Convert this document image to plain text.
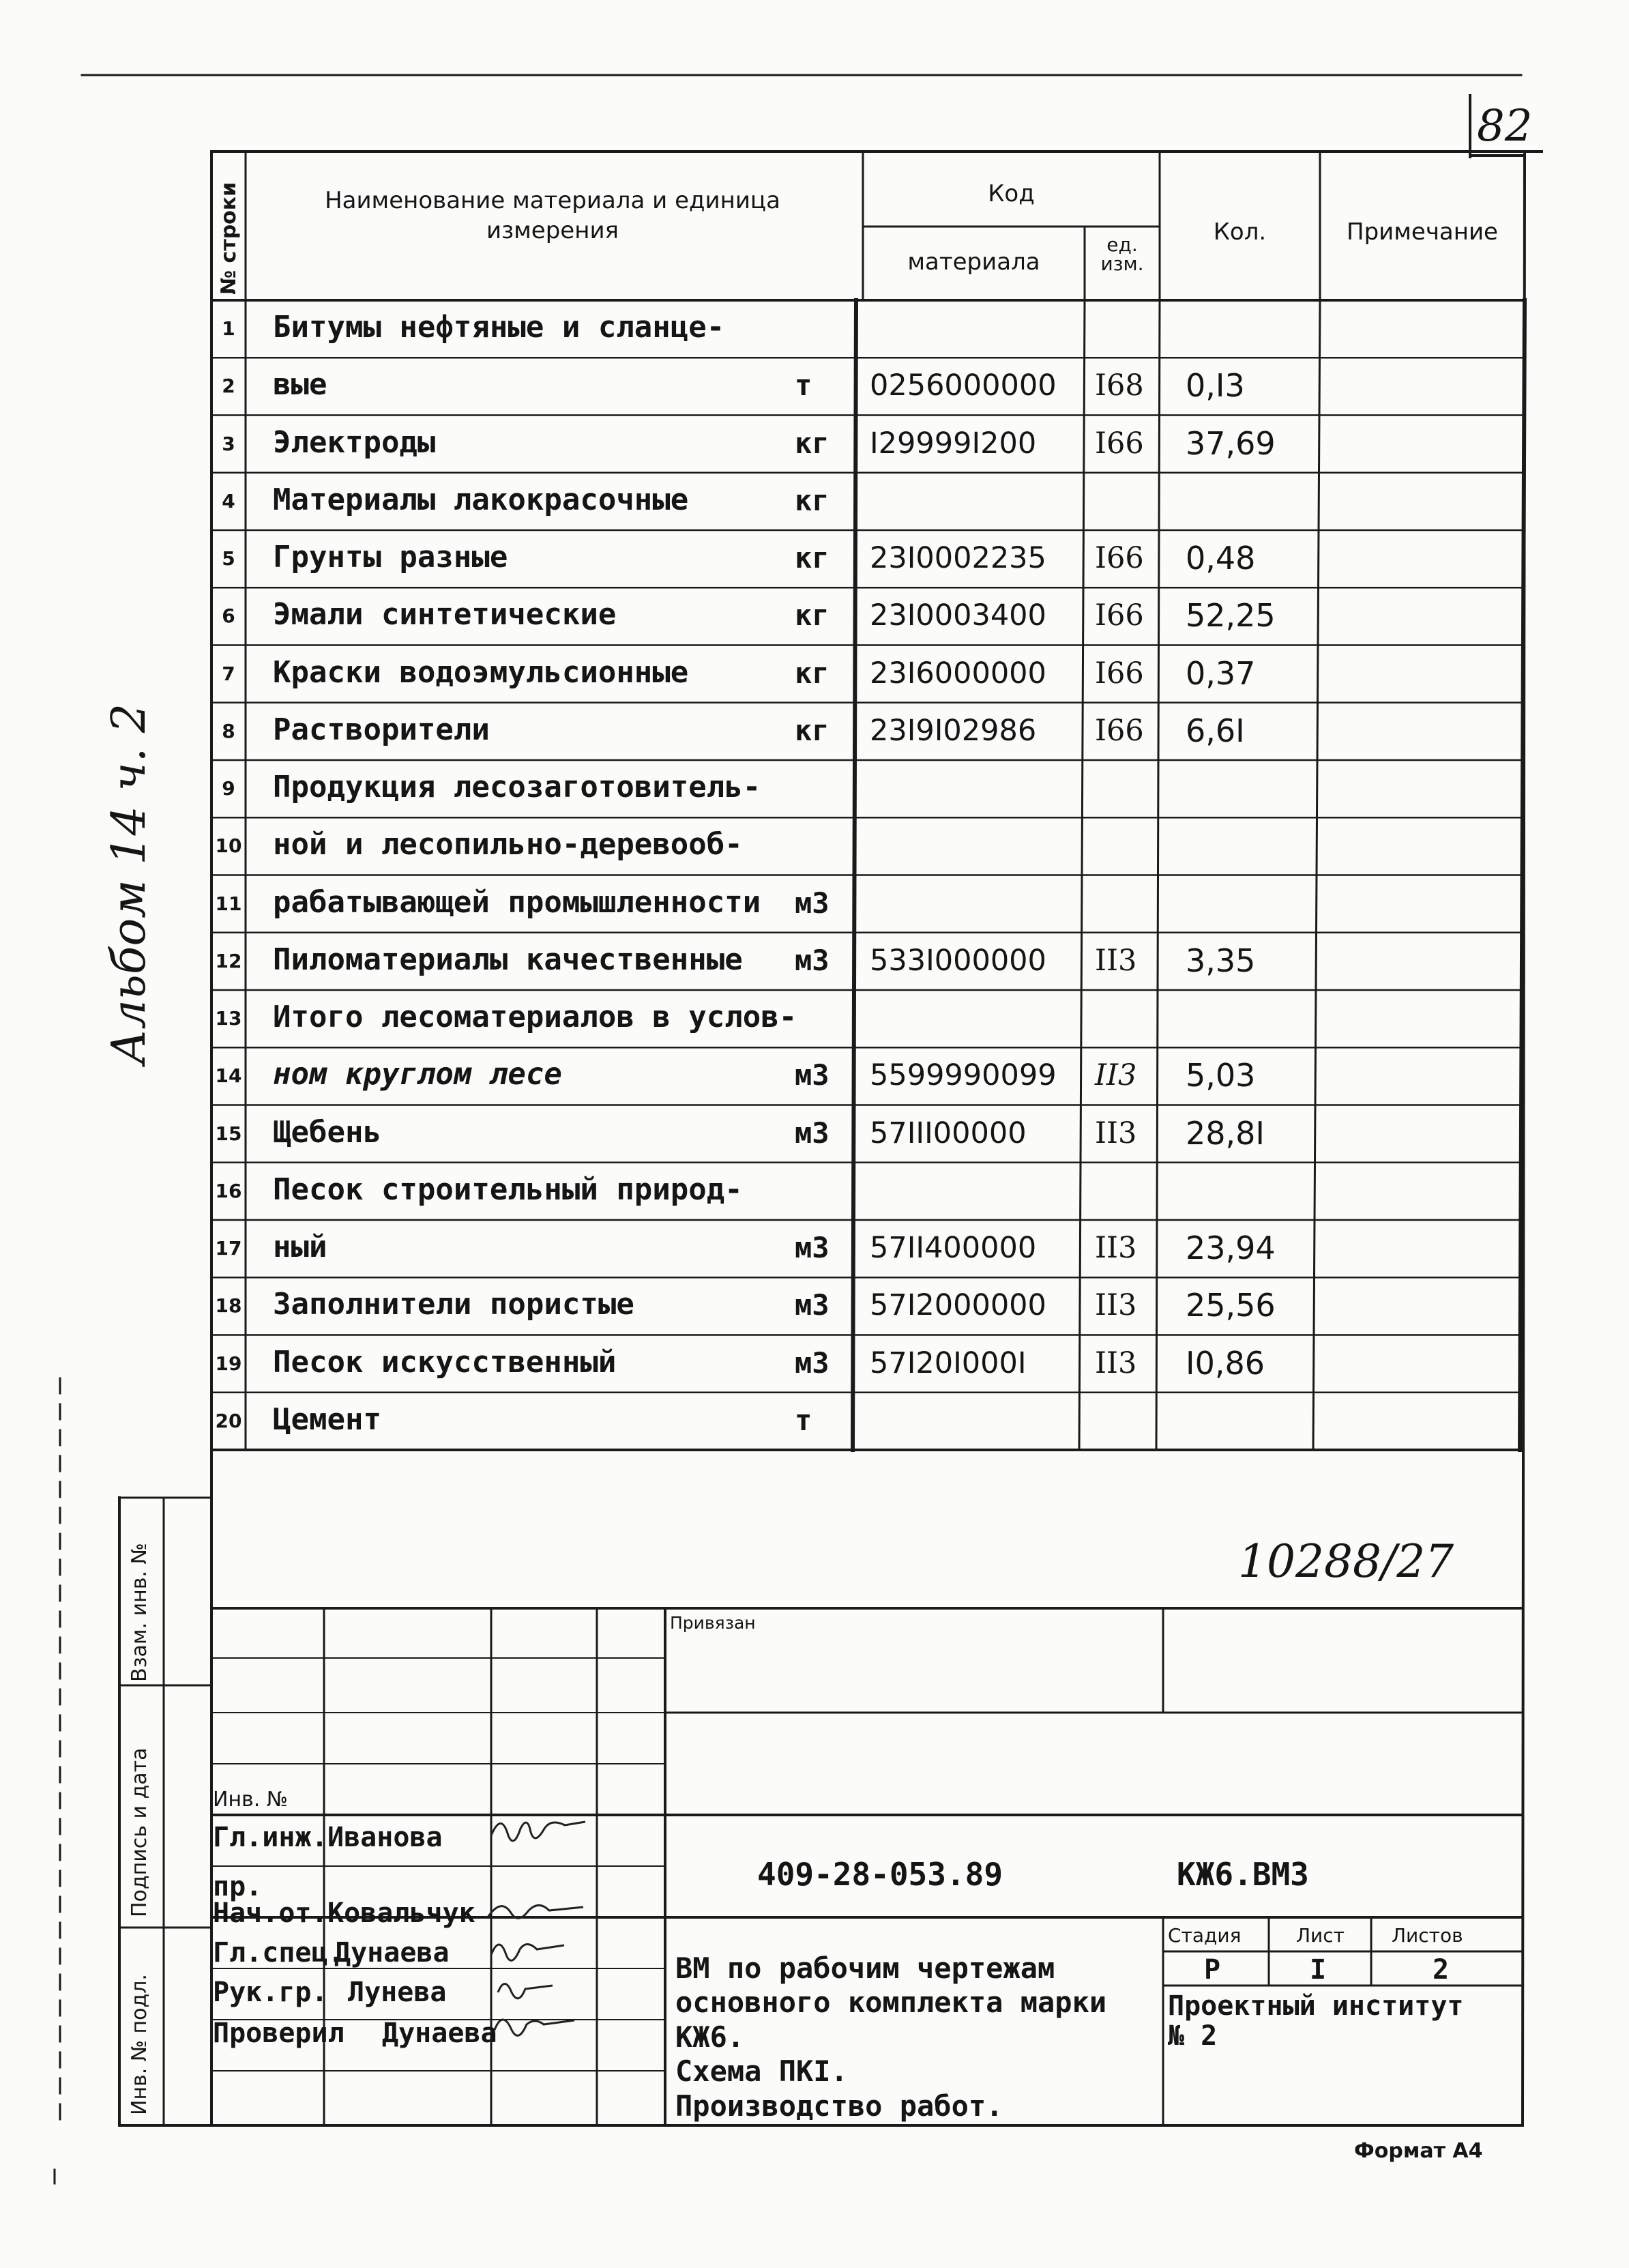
82
Альбом 14 ч. 2
№ строки	Наименование материала и единица измерения
Код
материала
ед. изм.
Кол.	Примечание
1	Битумы нефтяные и сланце-
2	вые	т 0256000000 I68 0,I3
3	Электроды	кг I29999I200 I66 37,69
4	Материалы лакокрасочные	кг
5	Грунты разные	кг 23I0002235 I66 0,48
6	Эмали синтетические	кг 23I0003400 I66 52,25
7	Краски водоэмульсионные	кг 23I6000000 I66 0,37
8	Растворители	кг 23I9I02986 I66 6,6I
9	Продукция лесозаготовитель-
10 ной и лесопильно-деревооб-
11 рабатывающей промышленности м3
12 Пиломатериалы качественные м3 533I000000 II3 3,35
13 Итого лесоматериалов в услов-
14 ном круглом лесе	м3 5599990099 II3 5,03
15 Щебень	м3 57III00000 II3 28,8I
16 Песок строительный природ-
17 ный	м3 57II400000 II3 23,94
18 Заполнители пористые	м3 57I2000000 II3 25,56
19 Песок искусственный	м3 57I20I000I II3 I0,86
20 Цемент	т
10288/27
Взам. инв. №
Подпись и дата
Инв. № подл.
Привязан
Инв. №
Гл.инж. Иванова
пр.
Нач.от. Ковальчук
Гл.спец.
Дунаева
Рук.гр. Лунева
Проверил Дунаева
409-28-053.89	КЖ6.ВМ3
ВМ по рабочим чертежам
основного комплекта марки
КЖ6.
Схема ПКI.
Производство работ.
Стадия	Лист Листов
Р	I	2
Проектный институт
№ 2
Формат А4
